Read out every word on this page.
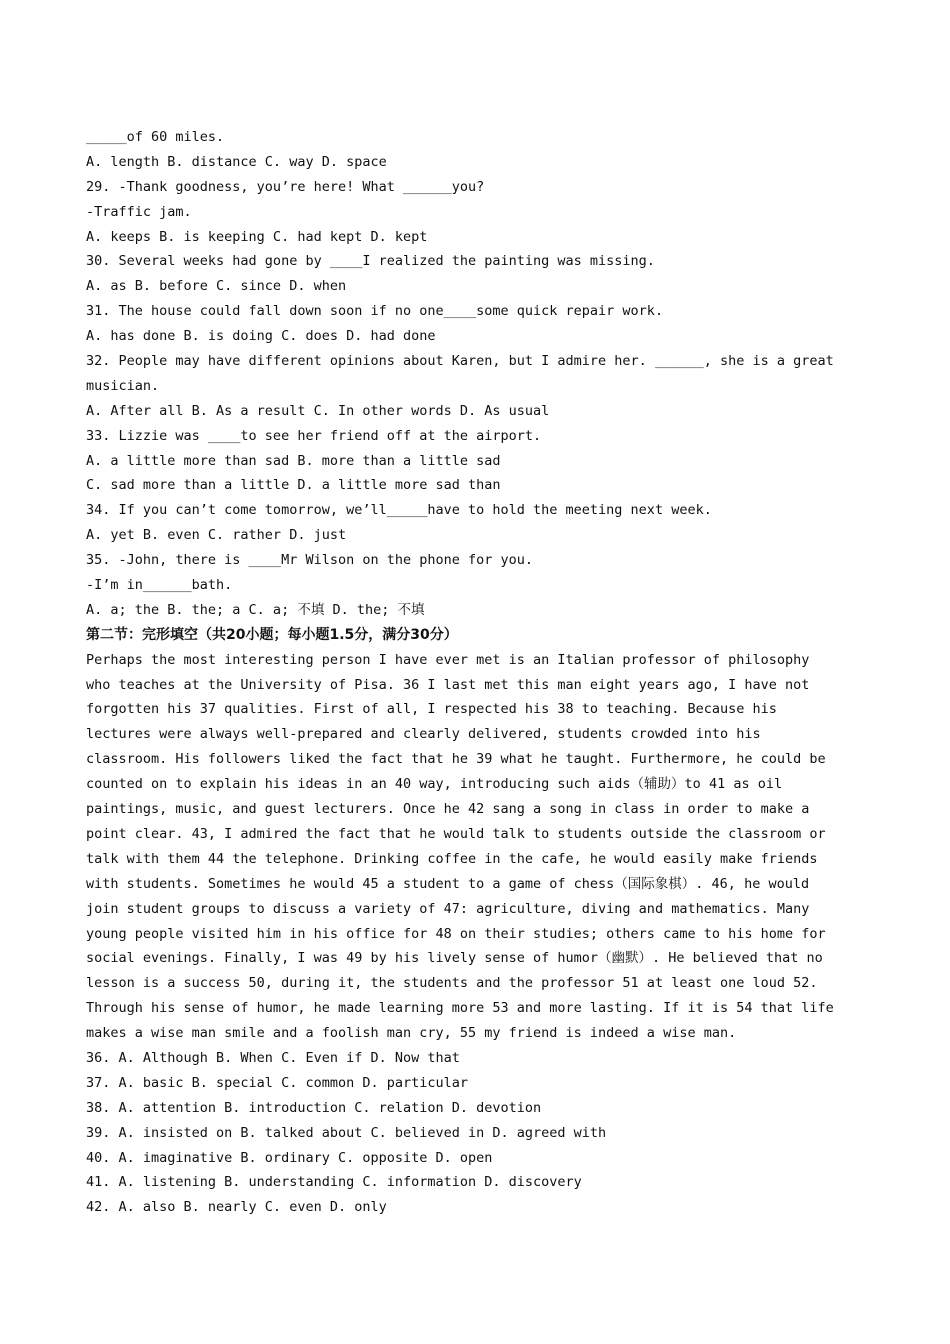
_____of 60 miles.
A. length B. distance C. way D. space
29. -Thank goodness, you’re here! What ______you?
-Traffic jam.
A. keeps B. is keeping C. had kept D. kept
30. Several weeks had gone by ____I realized the painting was missing.
A. as B. before C. since D. when
31. The house could fall down soon if no one____some quick repair work.
A. has done B. is doing C. does D. had done
32. People may have different opinions about Karen, but I admire her. ______, she is a great
musician.
A. After all B. As a result C. In other words D. As usual
33. Lizzie was ____to see her friend off at the airport.
A. a little more than sad B. more than a little sad
C. sad more than a little D. a little more sad than
34. If you can’t come tomorrow, we’ll_____have to hold the meeting next week.
A. yet B. even C. rather D. just
35. -John, there is ____Mr Wilson on the phone for you.
-I’m in______bath.
A. a; the B. the; a C. a; 不填 D. the; 不填
第二节：完形填空（共20小题；每小题1.5分，满分30分）
Perhaps the most interesting person I have ever met is an Italian professor of philosophy
who teaches at the University of Pisa. 36 I last met this man eight years ago, I have not
forgotten his 37 qualities. First of all, I respected his 38 to teaching. Because his
lectures were always well-prepared and clearly delivered, students crowded into his
classroom. His followers liked the fact that he 39 what he taught. Furthermore, he could be
counted on to explain his ideas in an 40 way, introducing such aids（辅助）to 41 as oil
paintings, music, and guest lecturers. Once he 42 sang a song in class in order to make a
point clear. 43, I admired the fact that he would talk to students outside the classroom or
talk with them 44 the telephone. Drinking coffee in the cafe, he would easily make friends
with students. Sometimes he would 45 a student to a game of chess（国际象棋）. 46, he would
join student groups to discuss a variety of 47: agriculture, diving and mathematics. Many
young people visited him in his office for 48 on their studies; others came to his home for
social evenings. Finally, I was 49 by his lively sense of humor（幽默）. He believed that no
lesson is a success 50, during it, the students and the professor 51 at least one loud 52.
Through his sense of humor, he made learning more 53 and more lasting. If it is 54 that life
makes a wise man smile and a foolish man cry, 55 my friend is indeed a wise man.
36. A. Although B. When C. Even if D. Now that
37. A. basic B. special C. common D. particular
38. A. attention B. introduction C. relation D. devotion
39. A. insisted on B. talked about C. believed in D. agreed with
40. A. imaginative B. ordinary C. opposite D. open
41. A. listening B. understanding C. information D. discovery
42. A. also B. nearly C. even D. only
